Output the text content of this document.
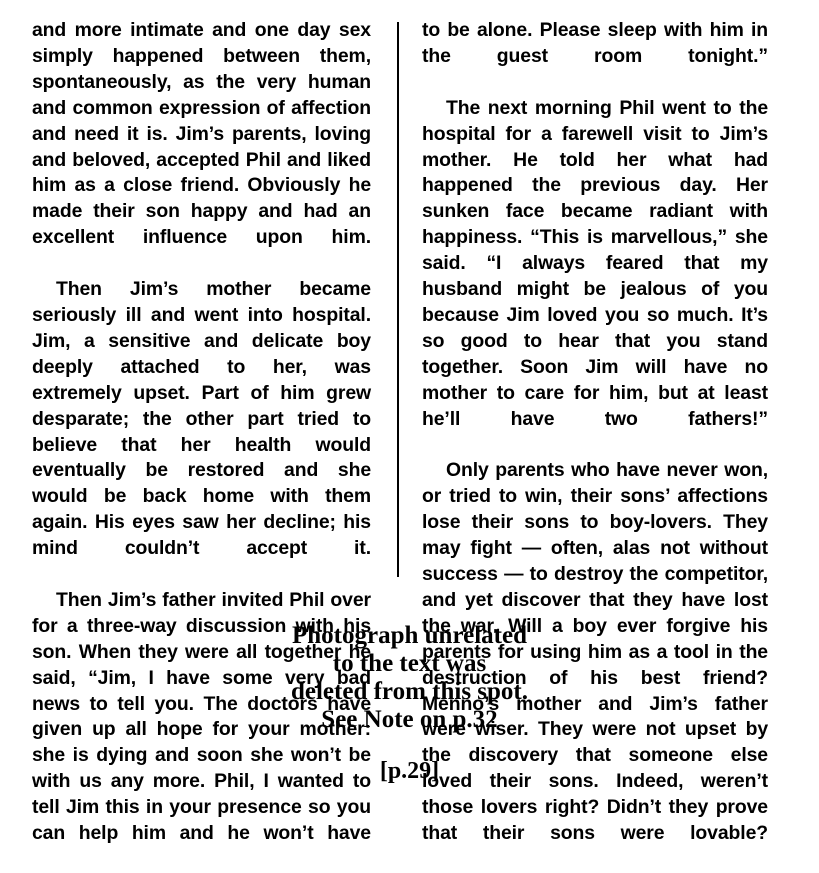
and more intimate and one day sex simply happened between them, spontaneously, as the very human and common expression of affection and need it is. Jim’s parents, loving and beloved, accepted Phil and liked him as a close friend. Obviously he made their son happy and had an excellent influence upon him.

Then Jim’s mother became seriously ill and went into hospital. Jim, a sensitive and delicate boy deeply attached to her, was extremely upset. Part of him grew desparate; the other part tried to believe that her health would eventually be restored and she would be back home with them again. His eyes saw her decline; his mind couldn’t accept it.

Then Jim’s father invited Phil over for a three-way discussion with his son. When they were all together he said, “Jim, I have some very bad news to tell you. The doctors have given up all hope for your mother: she is dying and soon she won’t be with us any more. Phil, I wanted to tell Jim this in your presence so you can help him and he won’t have

to be alone. Please sleep with him in the guest room tonight.”

The next morning Phil went to the hospital for a farewell visit to Jim’s mother. He told her what had happened the previous day. Her sunken face became radiant with happiness. “This is marvellous,” she said. “I always feared that my husband might be jealous of you because Jim loved you so much. It’s so good to hear that you stand together. Soon Jim will have no mother to care for him, but at least he’ll have two fathers!”

Only parents who have never won, or tried to win, their sons’ affections lose their sons to boy-lovers. They may fight — often, alas not without success — to destroy the competitor, and yet discover that they have lost the war. Will a boy ever forgive his parents for using him as a tool in the destruction of his best friend? Menno’s mother and Jim’s father were wiser. They were not upset by the discovery that someone else loved their sons. Indeed, weren’t those lovers right? Didn’t they prove that their sons were lovable?

Photograph unrelated
to the text was
deleted from this spot.
See Note on p.32
[p.29]
